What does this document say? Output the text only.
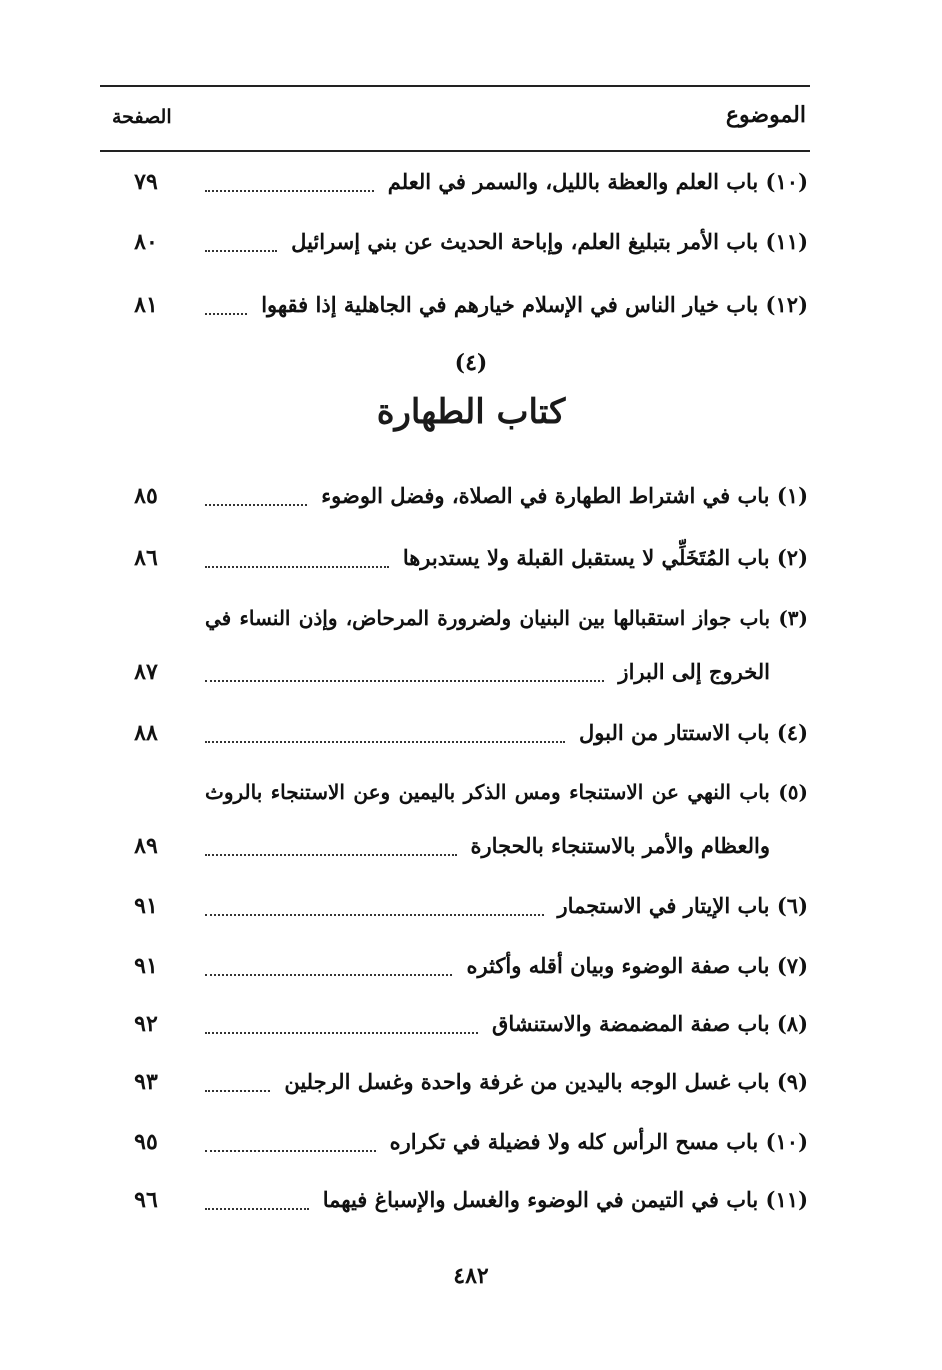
الموضوع
الصفحة
(١٠) باب العلم والعظة بالليل، والسمر في العلم
٧٩
(١١) باب الأمر بتبليغ العلم، وإباحة الحديث عن بني إسرائيل
٨٠
(١٢) باب خيار الناس في الإسلام خيارهم في الجاهلية إذا فقهوا
٨١
(٤)
كتاب الطهارة
(١) باب في اشتراط الطهارة في الصلاة، وفضل الوضوء
٨٥
(٢) باب المُتَخَلِّي لا يستقبل القبلة ولا يستدبرها
٨٦
(٣) باب جواز استقبالها بين البنيان ولضرورة المرحاض، وإذن النساء في
الخروج إلى البراز
٨٧
(٤) باب الاستتار من البول
٨٨
(٥) باب النهي عن الاستنجاء ومس الذكر باليمين وعن الاستنجاء بالروث
والعظام والأمر بالاستنجاء بالحجارة
٨٩
(٦) باب الإيتار في الاستجمار
٩١
(٧) باب صفة الوضوء وبيان أقله وأكثره
٩١
(٨) باب صفة المضمضة والاستنشاق
٩٢
(٩) باب غسل الوجه باليدين من غرفة واحدة وغسل الرجلين
٩٣
(١٠) باب مسح الرأس كله ولا فضيلة في تكراره
٩٥
(١١) باب في التيمن في الوضوء والغسل والإسباغ فيهما
٩٦
٤٨٢
